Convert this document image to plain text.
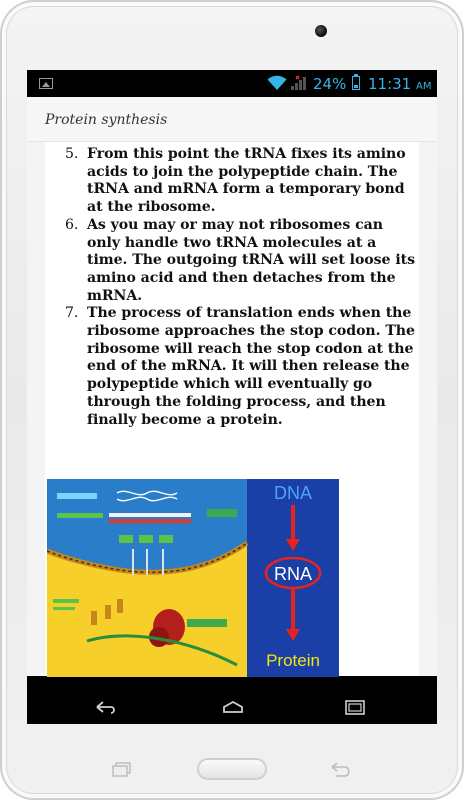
24% 11:31 AM
Protein synthesis
5. From this point the tRNA fixes its amino acids to join the polypeptide chain. The tRNA and mRNA form a temporary bond at the ribosome.
6. As you may or may not ribosomes can only handle two tRNA molecules at a time. The outgoing tRNA will set loose its amino acid and then detaches from the mRNA.
7. The process of translation ends when the ribosome approaches the stop codon. The ribosome will reach the stop codon at the end of the mRNA. It will then release the polypeptide which will eventually go through the folding process, and then finally become a protein.
DNA
RNA
Protein
